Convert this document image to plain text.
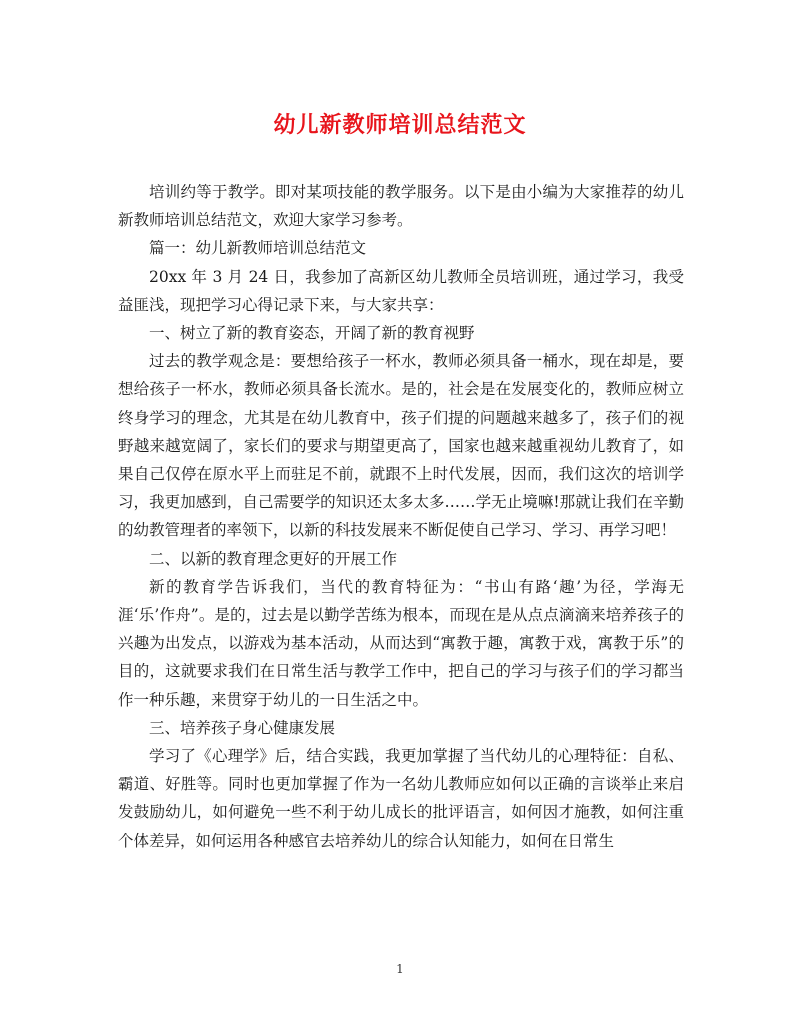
幼儿新教师培训总结范文

培训约等于教学。即对某项技能的教学服务。以下是由小编为大家推荐的幼儿新教师培训总结范文，欢迎大家学习参考。

篇一：幼儿新教师培训总结范文

20xx 年 3 月 24 日，我参加了高新区幼儿教师全员培训班，通过学习，我受益匪浅，现把学习心得记录下来，与大家共享：

一、树立了新的教育姿态，开阔了新的教育视野

过去的教学观念是：要想给孩子一杯水，教师必须具备一桶水，现在却是，要想给孩子一杯水，教师必须具备长流水。是的，社会是在发展变化的，教师应树立终身学习的理念，尤其是在幼儿教育中，孩子们提的问题越来越多了，孩子们的视野越来越宽阔了，家长们的要求与期望更高了，国家也越来越重视幼儿教育了，如果自己仅停在原水平上而驻足不前，就跟不上时代发展，因而，我们这次的培训学习，我更加感到，自己需要学的知识还太多太多……学无止境嘛!那就让我们在辛勤的幼教管理者的率领下，以新的科技发展来不断促使自己学习、学习、再学习吧！

二、以新的教育理念更好的开展工作

新的教育学告诉我们，当代的教育特征为：“书山有路‘趣’为径，学海无涯‘乐’作舟”。是的，过去是以勤学苦练为根本，而现在是从点点滴滴来培养孩子的兴趣为出发点，以游戏为基本活动，从而达到“寓教于趣，寓教于戏，寓教于乐”的目的，这就要求我们在日常生活与教学工作中，把自己的学习与孩子们的学习都当作一种乐趣，来贯穿于幼儿的一日生活之中。

三、培养孩子身心健康发展

学习了《心理学》后，结合实践，我更加掌握了当代幼儿的心理特征：自私、霸道、好胜等。同时也更加掌握了作为一名幼儿教师应如何以正确的言谈举止来启发鼓励幼儿，如何避免一些不利于幼儿成长的批评语言，如何因才施教，如何注重个体差异，如何运用各种感官去培养幼儿的综合认知能力，如何在日常生

1
